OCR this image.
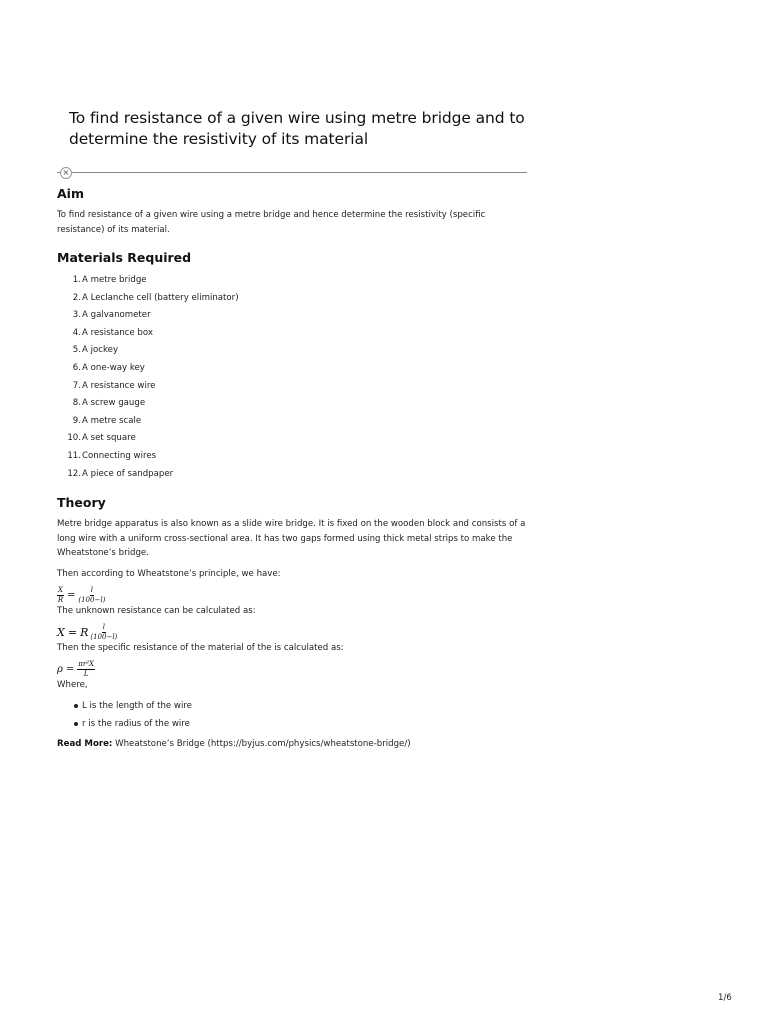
To find resistance of a given wire using metre bridge and to determine the resistivity of its material
×
Aim
To find resistance of a given wire using a metre bridge and hence determine the resistivity (specific resistance) of its material.
Materials Required
1. A metre bridge
2. A Leclanche cell (battery eliminator)
3. A galvanometer
4. A resistance box
5. A jockey
6. A one-way key
7. A resistance wire
8. A screw gauge
9. A metre scale
10. A set square
11. Connecting wires
12. A piece of sandpaper
Theory
Metre bridge apparatus is also known as a slide wire bridge. It is fixed on the wooden block and consists of a long wire with a uniform cross-sectional area. It has two gaps formed using thick metal strips to make the Wheatstone’s bridge.
Then according to Wheatstone’s principle, we have:
$\frac{X}{R} = \frac{l}{(100-l)}$
The unknown resistance can be calculated as:
X = R $\frac{l}{(100-l)}$
Then the specific resistance of the material of the is calculated as:
$\rho = \frac{\text{πr²X}}{L}$
Where,
L is the length of the wire
r is the radius of the wire
Read More: Wheatstone’s Bridge (https://byjus.com/physics/wheatstone-bridge/)
1/6
